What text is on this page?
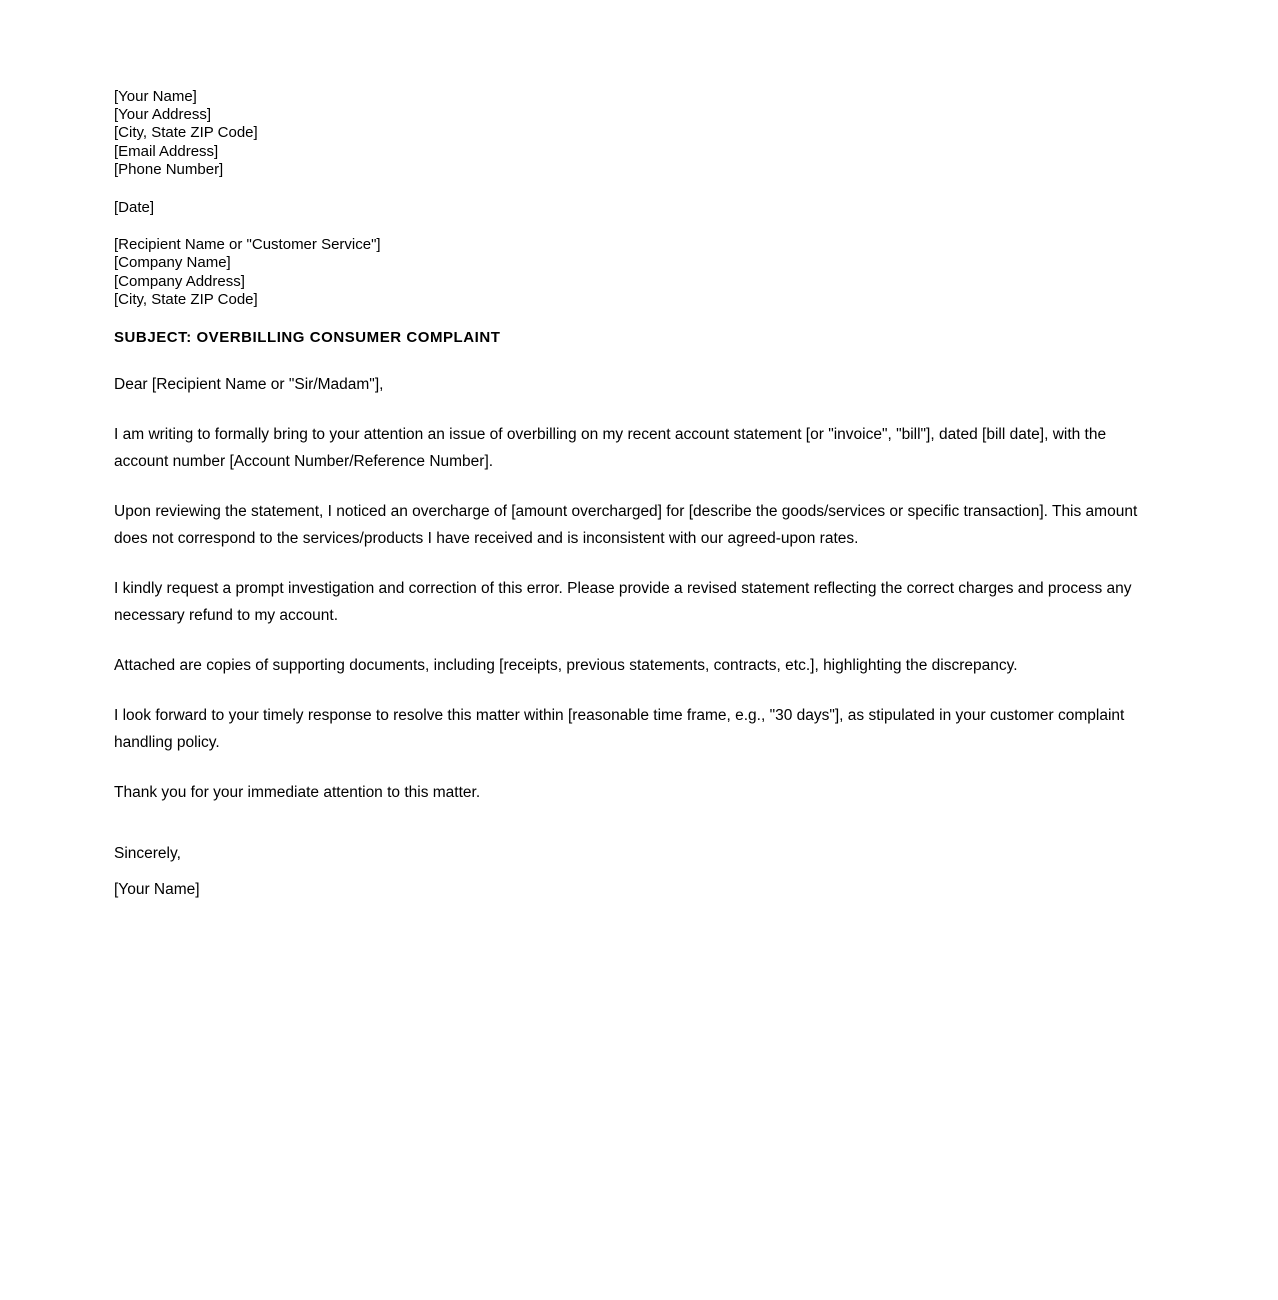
[Your Name]
[Your Address]
[City, State ZIP Code]
[Email Address]
[Phone Number]
[Date]
[Recipient Name or "Customer Service"]
[Company Name]
[Company Address]
[City, State ZIP Code]
SUBJECT: OVERBILLING CONSUMER COMPLAINT
Dear [Recipient Name or "Sir/Madam"],

I am writing to formally bring to your attention an issue of overbilling on my recent account statement [or "invoice", "bill"], dated [bill date], with the account number [Account Number/Reference Number].

Upon reviewing the statement, I noticed an overcharge of [amount overcharged] for [describe the goods/services or specific transaction]. This amount does not correspond to the services/products I have received and is inconsistent with our agreed-upon rates.

I kindly request a prompt investigation and correction of this error. Please provide a revised statement reflecting the correct charges and process any necessary refund to my account.

Attached are copies of supporting documents, including [receipts, previous statements, contracts, etc.], highlighting the discrepancy.

I look forward to your timely response to resolve this matter within [reasonable time frame, e.g., "30 days"], as stipulated in your customer complaint handling policy.

Thank you for your immediate attention to this matter.

Sincerely,
[Your Name]
